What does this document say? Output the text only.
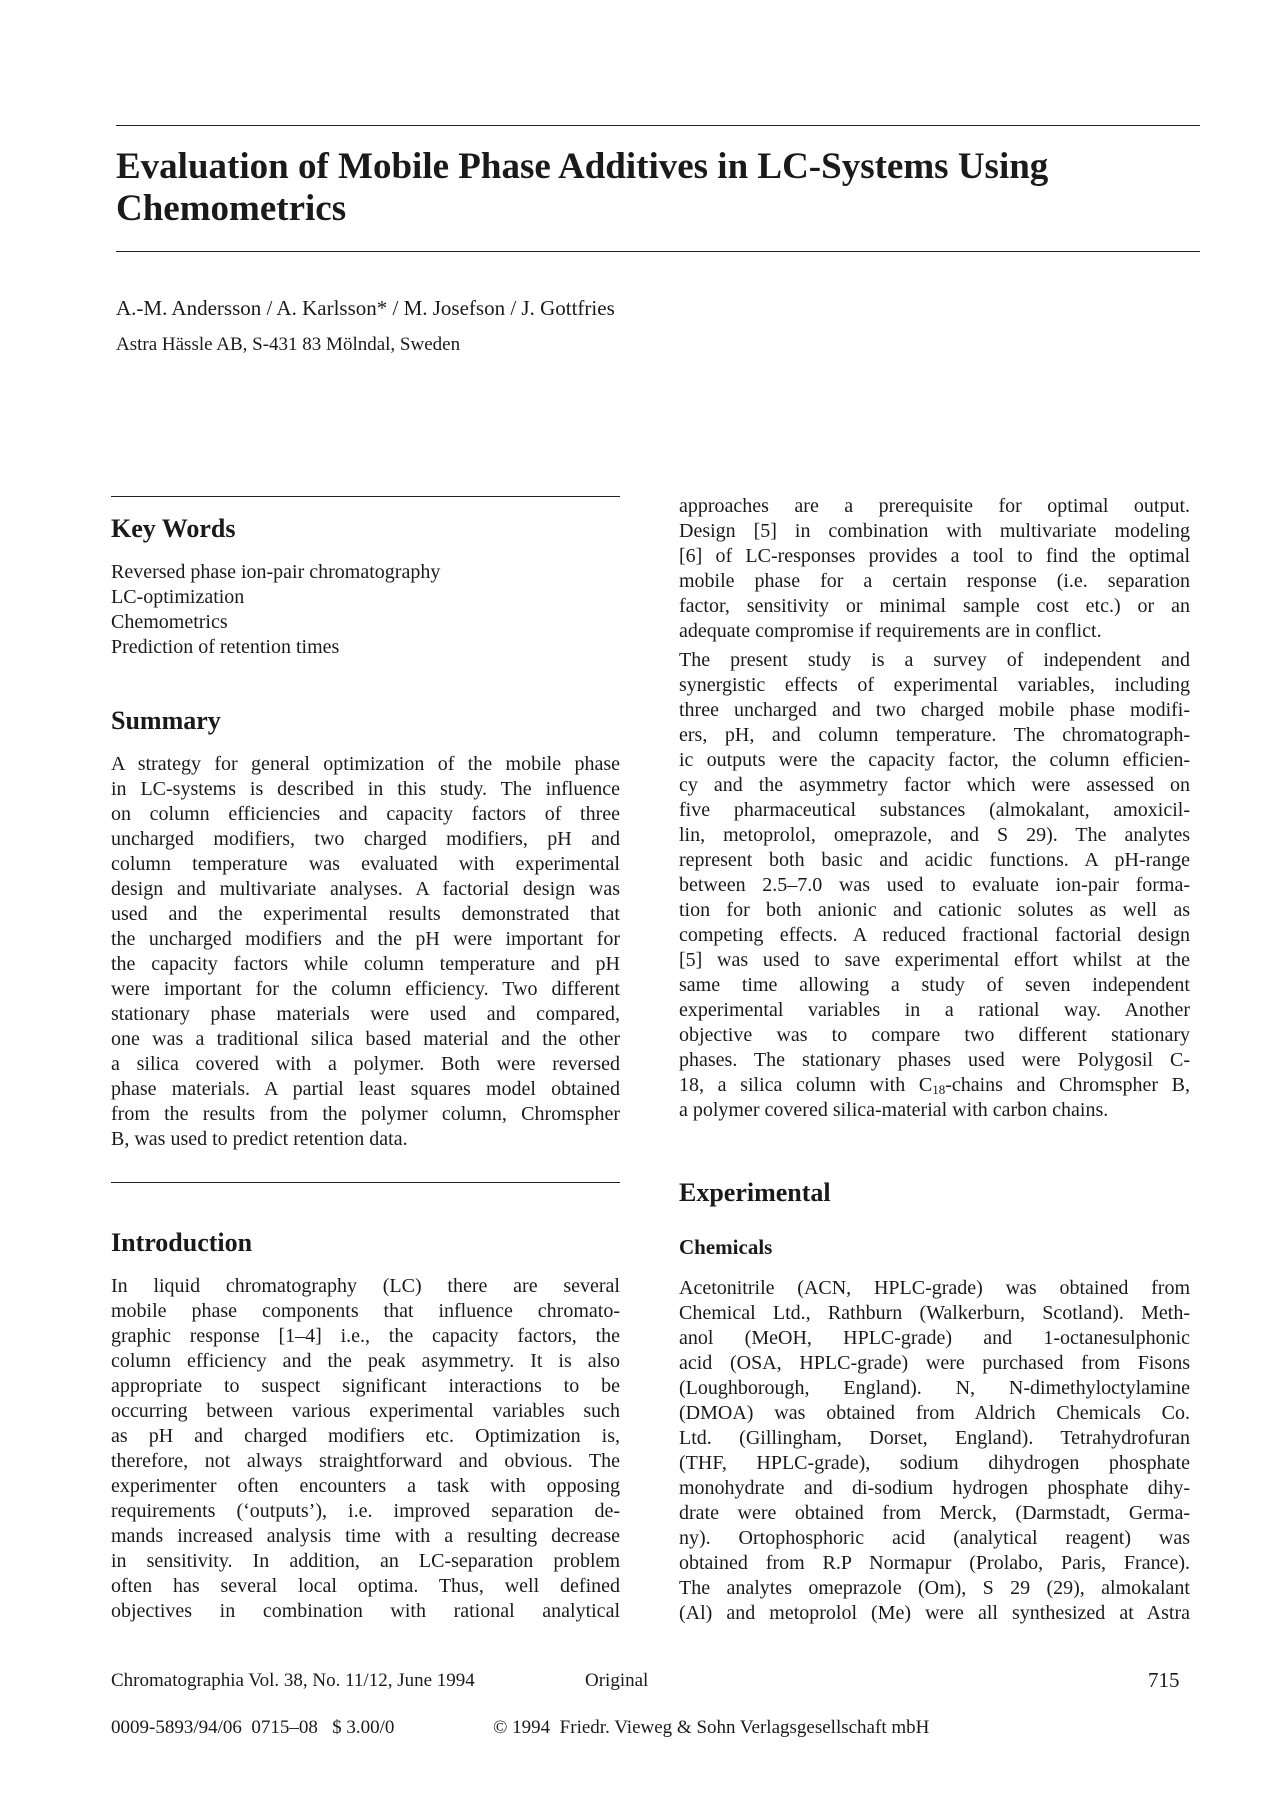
Evaluation of Mobile Phase Additives in LC-Systems Using Chemometrics
A.-M. Andersson / A. Karlsson* / M. Josefson / J. Gottfries
Astra Hässle AB, S-431 83 Mölndal, Sweden
Key Words
Reversed phase ion-pair chromatography
LC-optimization
Chemometrics
Prediction of retention times
Summary
A strategy for general optimization of the mobile phase
in LC-systems is described in this study. The influence
on column efficiencies and capacity factors of three
uncharged modifiers, two charged modifiers, pH and
column temperature was evaluated with experimental
design and multivariate analyses. A factorial design was
used and the experimental results demonstrated that
the uncharged modifiers and the pH were important for
the capacity factors while column temperature and pH
were important for the column efficiency. Two different
stationary phase materials were used and compared,
one was a traditional silica based material and the other
a silica covered with a polymer. Both were reversed
phase materials. A partial least squares model obtained
from the results from the polymer column, Chromspher
B, was used to predict retention data.
Introduction
In liquid chromatography (LC) there are several
mobile phase components that influence chromato-
graphic response [1–4] i.e., the capacity factors, the
column efficiency and the peak asymmetry. It is also
appropriate to suspect significant interactions to be
occurring between various experimental variables such
as pH and charged modifiers etc. Optimization is,
therefore, not always straightforward and obvious. The
experimenter often encounters a task with opposing
requirements (‘outputs’), i.e. improved separation de-
mands increased analysis time with a resulting decrease
in sensitivity. In addition, an LC-separation problem
often has several local optima. Thus, well defined
objectives in combination with rational analytical
approaches are a prerequisite for optimal output.
Design [5] in combination with multivariate modeling
[6] of LC-responses provides a tool to find the optimal
mobile phase for a certain response (i.e. separation
factor, sensitivity or minimal sample cost etc.) or an
adequate compromise if requirements are in conflict.
The present study is a survey of independent and
synergistic effects of experimental variables, including
three uncharged and two charged mobile phase modifi-
ers, pH, and column temperature. The chromatograph-
ic outputs were the capacity factor, the column efficien-
cy and the asymmetry factor which were assessed on
five pharmaceutical substances (almokalant, amoxicil-
lin, metoprolol, omeprazole, and S 29). The analytes
represent both basic and acidic functions. A pH-range
between 2.5–7.0 was used to evaluate ion-pair forma-
tion for both anionic and cationic solutes as well as
competing effects. A reduced fractional factorial design
[5] was used to save experimental effort whilst at the
same time allowing a study of seven independent
experimental variables in a rational way. Another
objective was to compare two different stationary
phases. The stationary phases used were Polygosil C-
18, a silica column with $C_{18}$-chains and Chromspher B,
a polymer covered silica-material with carbon chains.
Experimental
Chemicals
Acetonitrile (ACN, HPLC-grade) was obtained from
Chemical Ltd., Rathburn (Walkerburn, Scotland). Meth-
anol (MeOH, HPLC-grade) and 1-octanesulphonic
acid (OSA, HPLC-grade) were purchased from Fisons
(Loughborough, England). N, N-dimethyloctylamine
(DMOA) was obtained from Aldrich Chemicals Co.
Ltd. (Gillingham, Dorset, England). Tetrahydrofuran
(THF, HPLC-grade), sodium dihydrogen phosphate
monohydrate and di-sodium hydrogen phosphate dihy-
drate were obtained from Merck, (Darmstadt, Germa-
ny). Ortophosphoric acid (analytical reagent) was
obtained from R.P Normapur (Prolabo, Paris, France).
The analytes omeprazole (Om), S 29 (29), almokalant
(Al) and metoprolol (Me) were all synthesized at Astra
Chromatographia Vol. 38, No. 11/12, June 1994	Original	715
0009-5893/94/06  0715–08   $ 3.00/0	© 1994  Friedr. Vieweg & Sohn Verlagsgesellschaft mbH
